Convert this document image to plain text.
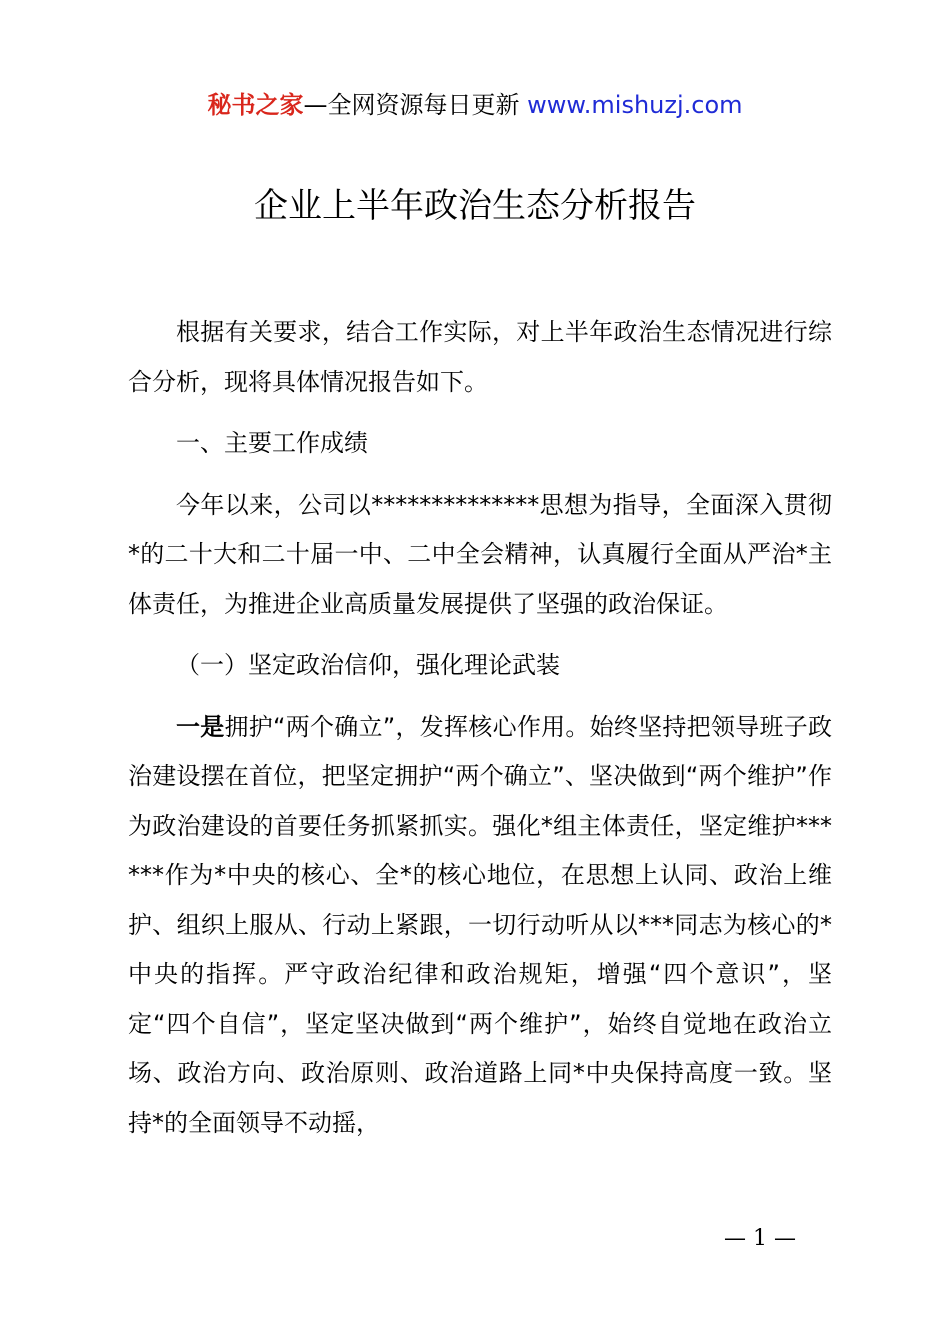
秘书之家—全网资源每日更新 www.mishuzj.com
企业上半年政治生态分析报告

根据有关要求，结合工作实际，对上半年政治生态情况进行综合分析，现将具体情况报告如下。

一、主要工作成绩

今年以来，公司以**************思想为指导，全面深入贯彻*的二十大和二十届一中、二中全会精神，认真履行全面从严治*主体责任，为推进企业高质量发展提供了坚强的政治保证。

（一）坚定政治信仰，强化理论武装

一是拥护“两个确立”，发挥核心作用。始终坚持把领导班子政治建设摆在首位，把坚定拥护“两个确立”、坚决做到“两个维护”作为政治建设的首要任务抓紧抓实。强化*组主体责任，坚定维护******作为*中央的核心、全*的核心地位，在思想上认同、政治上维护、组织上服从、行动上紧跟，一切行动听从以***同志为核心的*中央的指挥。严守政治纪律和政治规矩，增强“四个意识”，坚定“四个自信”，坚定坚决做到“两个维护”，始终自觉地在政治立场、政治方向、政治原则、政治道路上同*中央保持高度一致。坚持*的全面领导不动摇，

— 1 —
